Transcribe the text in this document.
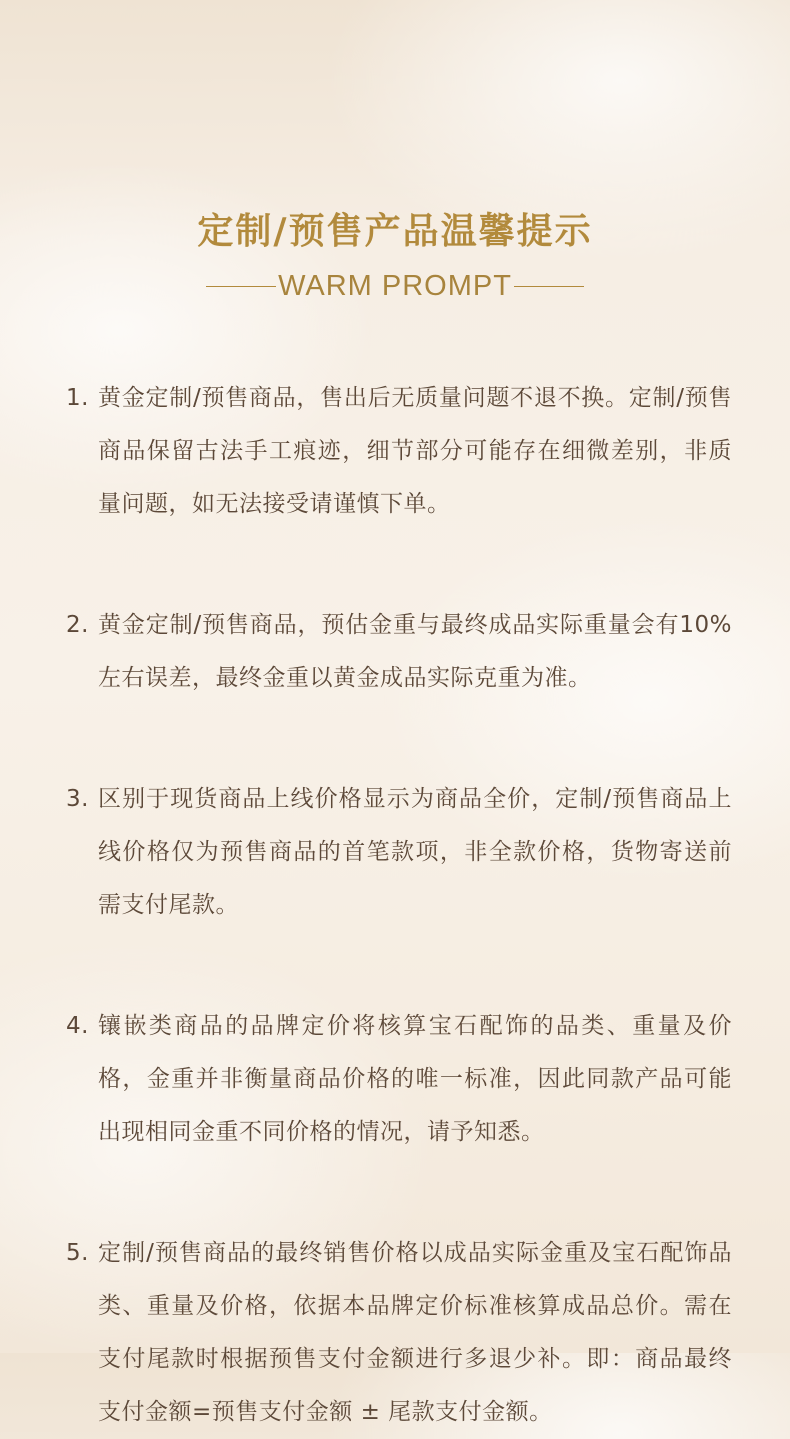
定制/预售产品温馨提示
WARM PROMPT
1. 黄金定制/预售商品，售出后无质量问题不退不换。定制/预售商品保留古法手工痕迹，细节部分可能存在细微差别，非质量问题，如无法接受请谨慎下单。
2. 黄金定制/预售商品，预估金重与最终成品实际重量会有10%左右误差，最终金重以黄金成品实际克重为准。
3. 区别于现货商品上线价格显示为商品全价，定制/预售商品上线价格仅为预售商品的首笔款项，非全款价格，货物寄送前需支付尾款。
4. 镶嵌类商品的品牌定价将核算宝石配饰的品类、重量及价格，金重并非衡量商品价格的唯一标准，因此同款产品可能出现相同金重不同价格的情况，请予知悉。
5. 定制/预售商品的最终销售价格以成品实际金重及宝石配饰品类、重量及价格，依据本品牌定价标准核算成品总价。需在支付尾款时根据预售支付金额进行多退少补。即：商品最终支付金额=预售支付金额 ± 尾款支付金额。
